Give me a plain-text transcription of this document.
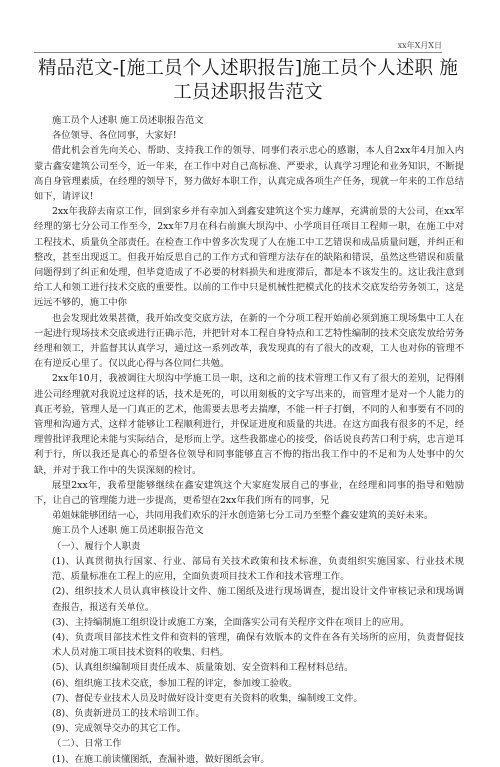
xx年X月X日
精品范文-[施工员个人述职报告]施工员个人述职 施工员述职报告范文

施工员个人述职 施工员述职报告范文

各位领导、各位同事，大家好!

借此机会首先向关心、帮助、支持我工作的领导、同事们表示忠心的感谢，本人自2xx年4月加入内蒙古鑫安建筑公司至今，近一年来，在工作中对自己高标准、严要求，认真学习理论和业务知识，不断提高自身管理素质，在经理的领导下，努力做好本职工作，认真完成各项生产任务，现就一年来的工作总结如下，请评议!

2xx年我辞去南京工作，回到家乡并有幸加入到鑫安建筑这个实力雄厚，充满前景的大公司，在xx军经理的第七分公司工作至今，2xx年7月在科右前旗大坝沟中、小学项目任项目工程师一职，在施工中对工程技术、质量负全部责任。在检查工作中曾多次发现了人在施工中工艺错误和成品质量问题，并纠正和整改，甚至出现返工。但我开始反思自己的工作方式和管理方法存在的缺陷和错误，虽然这些错误和质量问题得到了纠正和处理，但毕竟造成了不必要的材料损失和进度滞后，都是本不该发生的。这让我注意到给工人和领工进行技术交底的重要性。以前的工作中只是机械性把模式化的技术交底发给劳务领工，这是远远不够的，施工中你

也会发现此效果甚微，我开始改变交底方法，在新的一个分项工程开始前必须到施工现场集中工人在一起进行现场技术交底或进行正确示范，并把针对本工程自身特点和工艺特性编制的技术交底发放给劳务经理和领工，并监督其认真学习，通过这一系列改革，我发现真的有了很大的改观，工人也对你的管理不在有逆反心里了。仅以此心得与各位同仁共勉。

2xx年10月，我被调往大坝沟中学施工员一职，这和之前的技术管理工作又有了很大的差别，记得刚进公司经理就对我说过这样的话，技术是死的，可以用刻板的文字写出来的，而管理才是对一个人能力的真正考验，管理人是一门真正的艺术，他需要去思考去揣摩，不能一杆子打倒，不同的人和事要有不同的管理和沟通方式，这样才能够让工程顺利进行，并保证进度和质量的共进。在这方面我有很多的不足，经理曾批评我理论未能与实际结合，是形而上学。这些我都虚心的接受，俗话说良药苦口利于病，忠言逆耳利于行，所以我还是真心的希望各位领导和同事能够直言不悔的指出我工作中的不足和为人处事中的欠缺，并对于我工作中的失误深刻的检讨。

展望2xx年，我希望能够继续在鑫安建筑这个大家庭发展自己的事业，在经理和同事的指导和勉励下，让自己的管理能力进一步提高，更希望在2xx年我们所有的同事，兄

弟姐妹能够团结一心，共同用我们欢乐的汗水创造第七分工司乃至整个鑫安建筑的美好未来。

施工员个人述职 施工员述职报告范文

（一）、履行个人职责

(1)、认真贯彻执行国家、行业、部局有关技术政策和技术标准，负责组织实施国家、行业技术规范、质量标准在工程上的应用，全面负责项目技术工作和技术管理工作。

(2)、组织技术人员认真审核设计文件、施工图纸及进行现场调查，提出设计文件审核记录和现场调查报告，报送有关单位。

(3)、主持编制施工组织设计或施工方案，全面落实公司有关程序文件在项目上的应用。

(4)、负责项目部技术性文件和资料的管理，确保有效版本的文件在各有关场所的应用，负责督促技术人员对施工项目技术资料的收集、归档。

(5)、认真组织编制项目责任成本、质量策划、安全资料和工程材料总结。

(6)、组织施工技术交底，参加工程的评定，参加竣工验收。

(7)、督促专业技术人员及时做好设计变更有关资料的收集，编制竣工文件。

(8)、负责新进员工的技术培训工作。

(9)、完成领导交办的其它工作。

（二）、日常工作

(1)、在施工前读懂图纸，查漏补遗，做好图纸会审。
